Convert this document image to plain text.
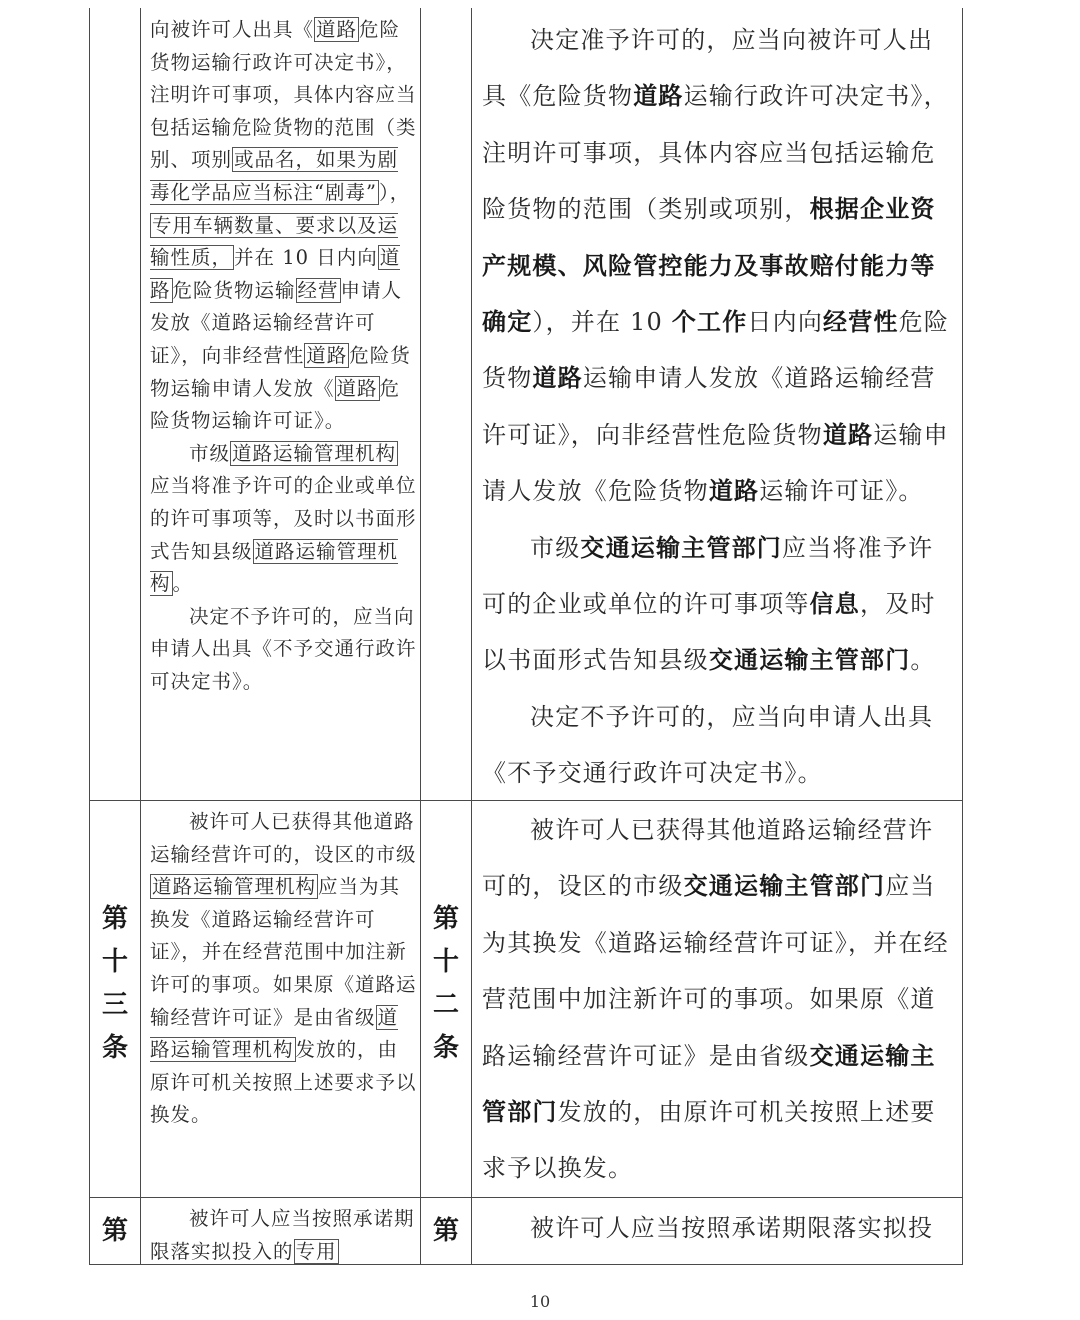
向被许可人出具《 道路 危险货物运输行政许可决定书》，注明许可事项，具体内容应当包括运输危险货物的范围（类别、项别 或品名，如果为剧毒化学品应当标注“剧毒” ），专用车辆数量、要求以及运输性质， 并在 10 日内向 道路 危险货物运输 经营 申请人发放《道路运输经营许可证》，向非经营性 道路 危险货物运输申请人发放《 道路 危险货物运输许可证》。

市级 道路运输管理机构应当将准予许可的企业或单位的许可事项等，及时以书面形式告知县级 道路运输管理机构 。

决定不予许可的，应当向申请人出具《不予交通行政许可决定书》。

决定准予许可的，应当向被许可人出具《危险货物道路运输行政许可决定书》，注明许可事项，具体内容应当包括运输危险货物的范围（类别或项别，根据企业资产规模、风险管控能力及事故赔付能力等确定），并在 10 个工作日内向经营性危险货物道路运输申请人发放《道路运输经营许可证》，向非经营性危险货物道路运输申请人发放《危险货物道路运输许可证》。

市级交通运输主管部门应当将准予许可的企业或单位的许可事项等信息，及时以书面形式告知县级交通运输主管部门。

决定不予许可的，应当向申请人出具《不予交通行政许可决定书》。

第
十
三
条

被许可人已获得其他道路运输经营许可的，设区的市级道路运输管理机构 应当为其换发《道路运输经营许可证》，并在经营范围中加注新许可的事项。如果原《道路运输经营许可证》是由省级 道路运输管理机构 发放的，由原许可机关按照上述要求予以换发。

第
十
二
条

被许可人已获得其他道路运输经营许可的，设区的市级交通运输主管部门应当为其换发《道路运输经营许可证》，并在经营范围中加注新许可的事项。如果原《道路运输经营许可证》是由省级交通运输主管部门发放的，由原许可机关按照上述要求予以换发。

第	被许可人应当按照承诺期限落实拟投入的 专用

第	被许可人应当按照承诺期限落实拟投

10
